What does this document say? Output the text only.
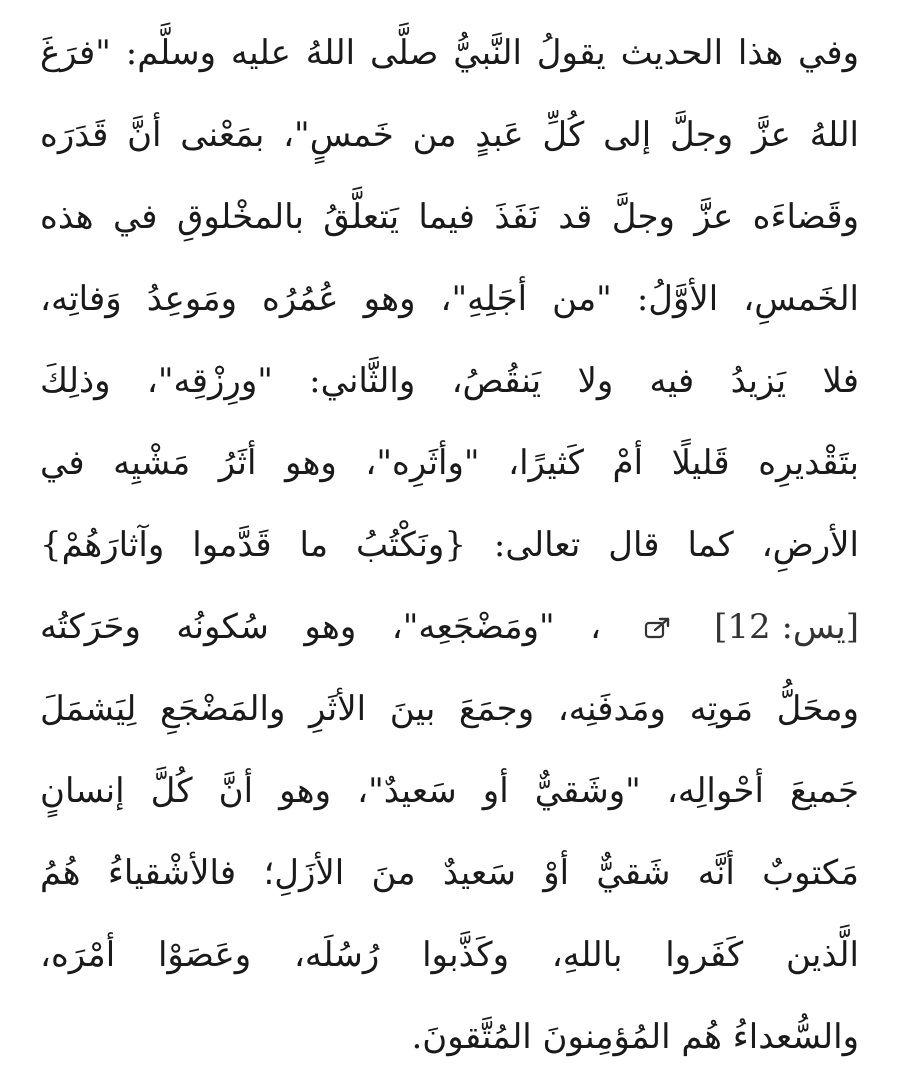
وفي هذا الحديث يقولُ النَّبيُّ صلَّى اللهُ عليه وسلَّم: "فرَغَ
اللهُ عزَّ وجلَّ إلى كُلِّ عَبدٍ من خَمسٍ"، بمَعْنى أنَّ قَدَرَه
وقَضاءَه عزَّ وجلَّ قد نَفَذَ فيما يَتعلَّقُ بالمخْلوقِ في هذه
الخَمسِ، الأوَّلُ: "من أجَلِهِ"، وهو عُمُرُه ومَوعِدُ وَفاتِه،
فلا يَزيدُ فيه ولا يَنقُصُ، والثَّاني: "ورِزْقِه"، وذلِكَ
بتَقْديرِه قَليلًا أمْ كَثيرًا، "وأثَرِه"، وهو أثَرُ مَشْيِه في
الأرضِ، كما قال تعالى: {ونَكْتُبُ ما قَدَّموا وآثارَهُمْ}
[يس: 12]  ، "ومَضْجَعِه"، وهو سُكونُه وحَرَكتُه
ومحَلُّ مَوتِه ومَدفَنِه، وجمَعَ بينَ الأثَرِ والمَضْجَعِ لِيَشمَلَ
جَميعَ أحْوالِه، "وشَقيٌّ أو سَعيدٌ"، وهو أنَّ كُلَّ إنسانٍ
مَكتوبٌ أنَّه شَقيٌّ أوْ سَعيدٌ منَ الأزَلِ؛ فالأشْقياءُ هُمُ
الَّذين كَفَروا باللهِ، وكَذَّبوا رُسُلَه، وعَصَوْا أمْرَه،
والسُّعداءُ هُم المُؤمِنونَ المُتَّقونَ.
